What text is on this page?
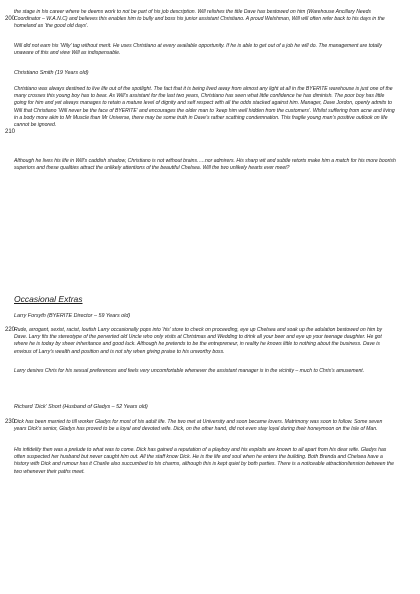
200
the stage in his career where he deems work to not be part of his job description. Will relishes the title Dave has bestowed on him (Warehouse Ancillary Needs Coordinator – W.A.N.C) and believes this enables him to bully and boss his junior assistant Christiano. A proud Welshman, Will will often refer back to his days in the homeland as ‘the good old days’.

Will did not earn his ‘Wily’ tag without merit. He uses Christiano at every available opportunity. If he is able to get out of a job he will do. The management are totally unaware of this and view Will as indispensable.

Christiano Smith (19 Years old)

210
Christiano was always destined to live life out of the spotlight. The fact that it is being lived away from almost any light at all in the BYERITE warehouse is just one of the many crosses this young boy has to bear. As Will’s assistant for the last two years, Christiano has seen what little confidence he has diminish. The poor boy has little going for him and yet always manages to retain a mature level of dignity and self respect with all the odds stacked against him. Manager, Dave Jordon, openly admits to Will that Christiano ‘Will never be the face of BYERITE’ and encourages the older man to ‘keep him well hidden from the customers’. Whilst suffering from acne and living in a body more akin to Mr Muscle than Mr Universe, there may be some truth in Dave’s rather scathing condemnation. This fragile young man’s positive outlook on life cannot be ignored.

Although he lives his life in Will’s caddish shadow, Christiano is not without brains…..nor admirers. His sharp wit and subtle retorts make him a match for his more boorish superiors and these qualities attract the unlikely attentions of the beautiful Chelsea. Will the two unlikely hearts ever meet?

Occasional Extras

Larry Forsyth (BYERITE Director – 59 Years old)

220
Rude, arrogant, sexist, racist, loutish Larry occasionally pops into ‘his’ store to check on proceeding, eye up Chelsea and soak up the adulation bestowed on him by Dave. Larry fits the stereotype of the perverted old Uncle who only visits at Christmas and Wedding to drink all your beer and eye up your teenage daughter. He got where he is today by sheer inheritance and good luck. Although he pretends to be the entrepreneur, in reality he knows little to nothing about the business. Dave is envious of Larry’s wealth and position and is not shy when giving praise to his unworthy boss.

Larry desires Chris for his sexual preferences and feels very uncomfortable whenever the assistant manager is in the vicinity – much to Chris’s amusement.

Richard ‘Dick’ Short (Husband of Gladys – 52 Years old)

230
Dick has been married to till worker Gladys for most of his adult life. The two met at University and soon became lovers. Matrimony was soon to follow. Some seven years Dick’s senior, Gladys has proved to be a loyal and devoted wife. Dick, on the other hand, did not even stay loyal during their honeymoon on the Isle of Man.

His infidelity then was a prelude to what was to come. Dick has gained a reputation of a playboy and his exploits are known to all apart from his dear wife. Gladys has often suspected her husband but never caught him out. All the staff know Dick. He is the life and soul when he enters the building. Both Brenda and Chelsea have a history with Dick and rumour has it Charlie also succumbed to his charms, although this is kept quiet by both parties. There is a noticeable attraction/tension between the two whenever their paths meet.
